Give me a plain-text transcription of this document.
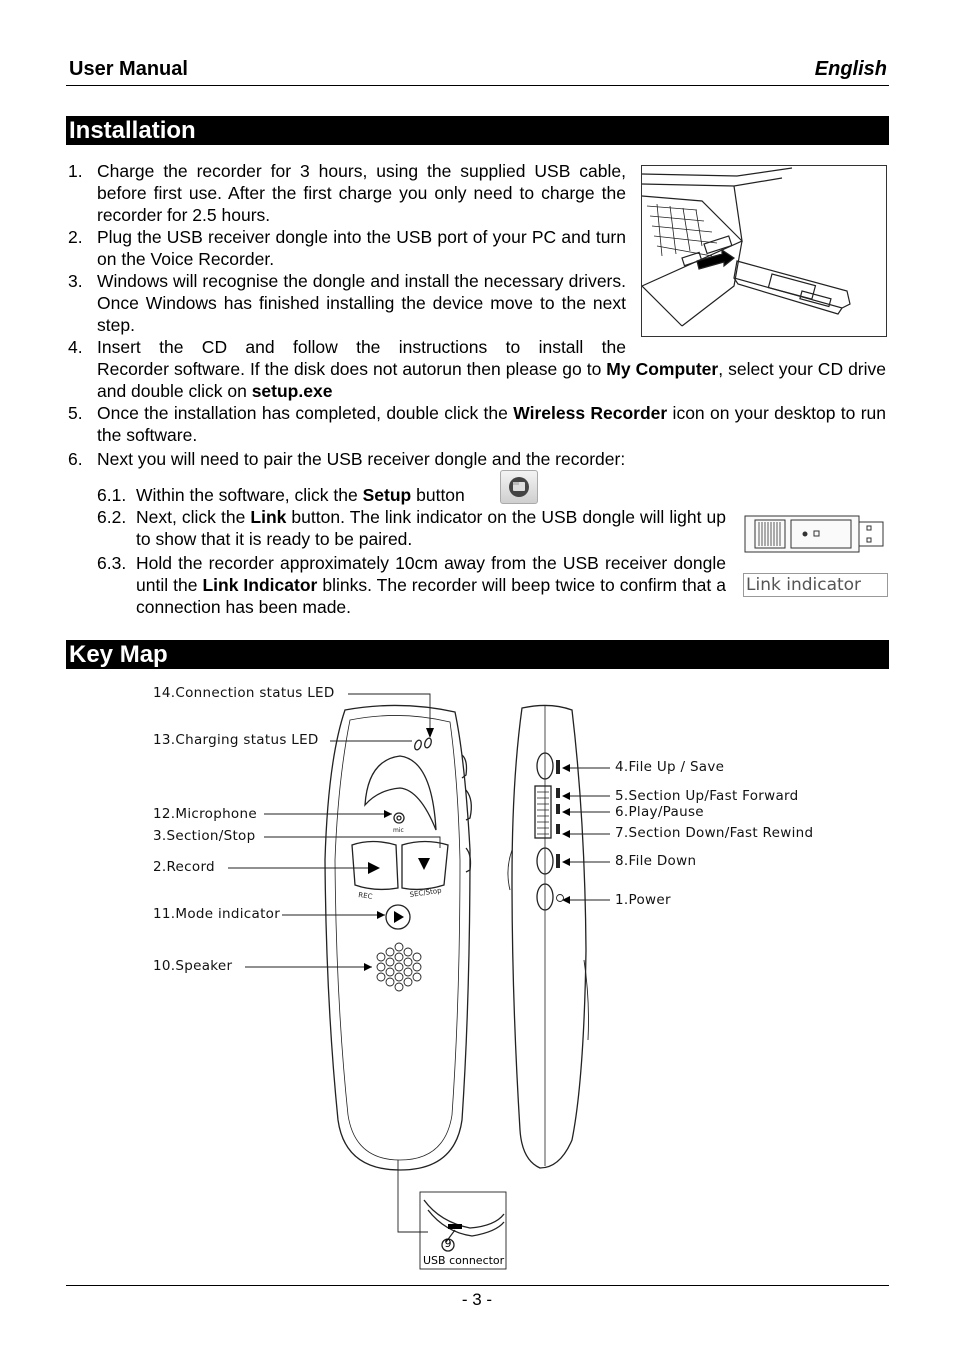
User Manual	English
Installation
1. Charge the recorder for 3 hours, using the supplied USB cable, before first use. After the first charge you only need to charge the recorder for 2.5 hours.
2. Plug the USB receiver dongle into the USB port of your PC and turn on the Voice Recorder.
3. Windows will recognise the dongle and install the necessary drivers. Once Windows has finished installing the device move to the next step.
4. Insert the CD and follow the instructions to install the
Recorder software. If the disk does not autorun then please go to My Computer, select your CD drive and double click on setup.exe
5. Once the installation has completed, double click the Wireless Recorder icon on your desktop to run the software.
6. Next you will need to pair the USB receiver dongle and the recorder:
6.1. Within the software, click the Setup button
6.2. Next, click the Link button. The link indicator on the USB dongle will light up to show that it is ready to be paired.
6.3. Hold the recorder approximately 10cm away from the USB receiver dongle until the Link Indicator blinks. The recorder will beep twice to confirm that a connection has been made.
Link indicator
Key Map
14.Connection status LED
13.Charging status LED
12.Microphone
3.Section/Stop
2.Record
11.Mode indicator
10.Speaker
4.File Up / Save
5.Section Up/Fast Forward
6.Play/Pause
7.Section Down/Fast Rewind
8.File Down
1.Power
mic
REC	SEC/Stop
9
USB connector
- 3 -
